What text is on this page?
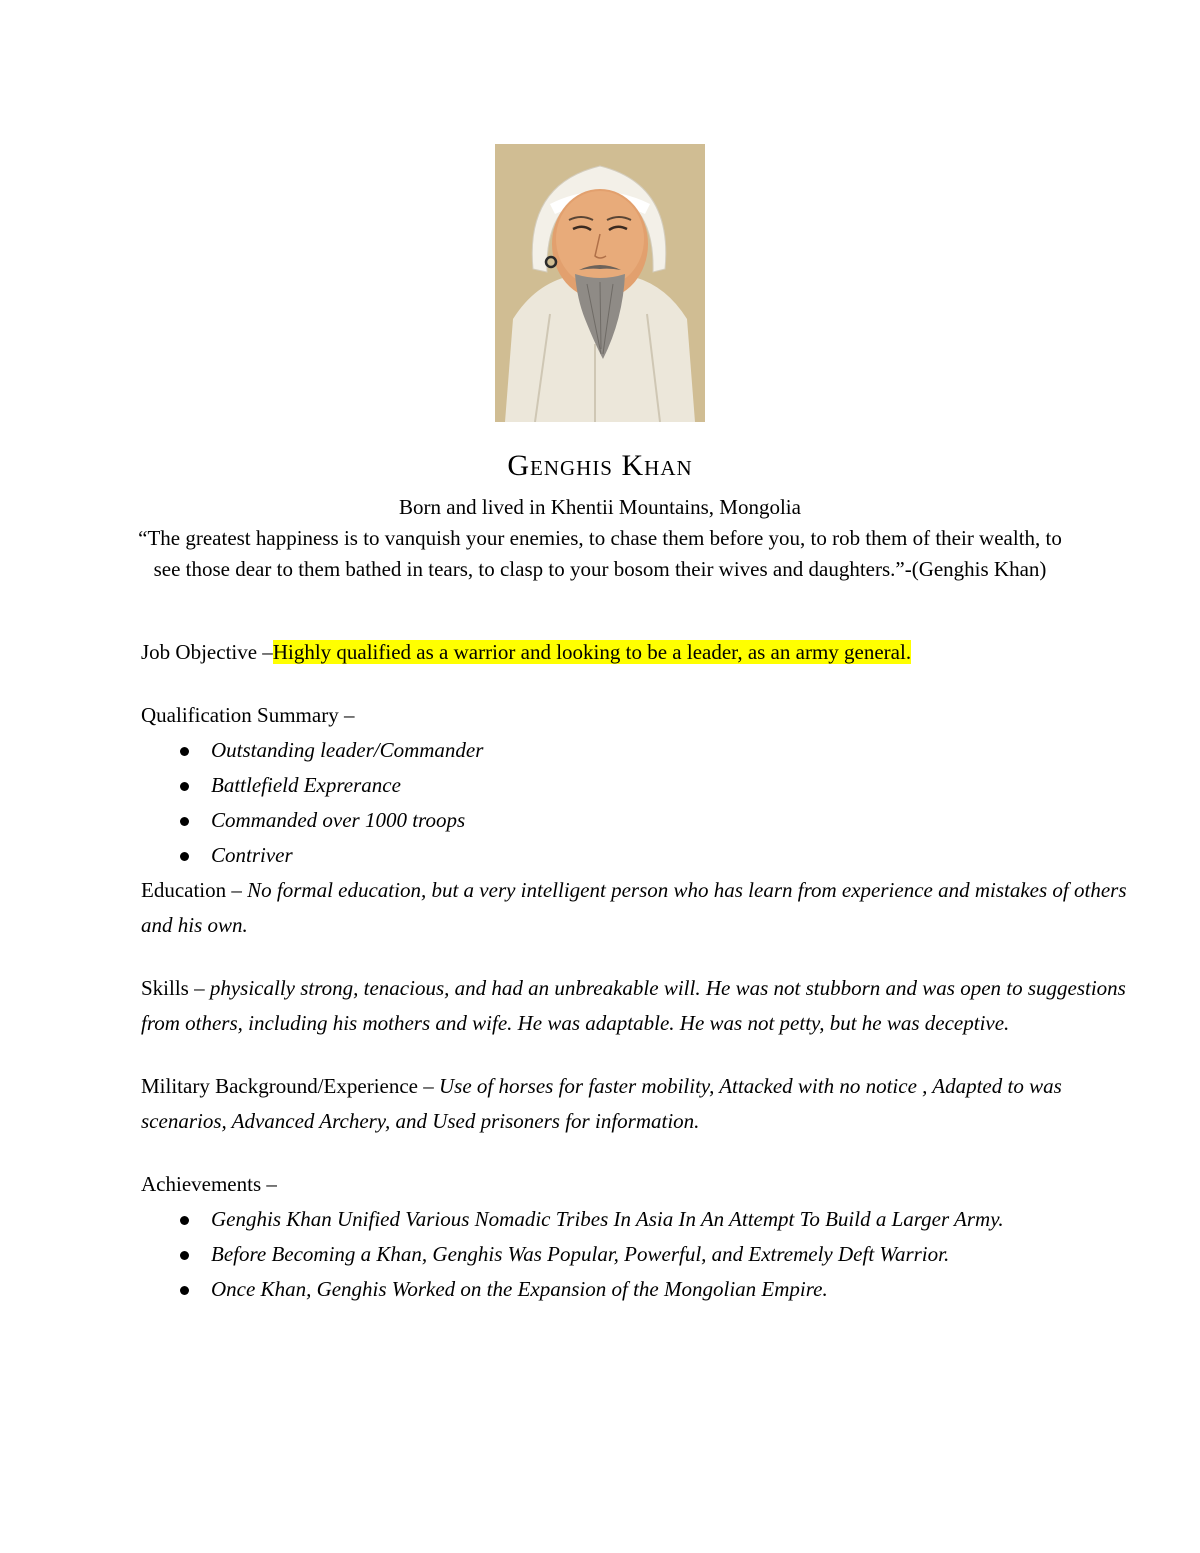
Genghis Khan

Born and lived in Khentii Mountains, Mongolia

“The greatest happiness is to vanquish your enemies, to chase them before you, to rob them of their wealth, to see those dear to them bathed in tears, to clasp to your bosom their wives and daughters.”-(Genghis Khan)

Job Objective –Highly qualified as a warrior and looking to be a leader, as an army general.

Qualification Summary –

Outstanding leader/Commander
Battlefield Exprerance
Commanded over 1000 troops
Contriver

Education – No formal education, but a very intelligent person who has learn from experience and mistakes of others and his own.

Skills – physically strong, tenacious, and had an unbreakable will. He was not stubborn and was open to suggestions from others, including his mothers and wife. He was adaptable. He was not petty, but he was deceptive.

Military Background/Experience – Use of horses for faster mobility, Attacked with no notice , Adapted to was scenarios, Advanced Archery, and Used prisoners for information.

Achievements –

Genghis Khan Unified Various Nomadic Tribes In Asia In An Attempt To Build a Larger Army.
Before Becoming a Khan, Genghis Was Popular, Powerful, and Extremely Deft Warrior.
Once Khan, Genghis Worked on the Expansion of the Mongolian Empire.
